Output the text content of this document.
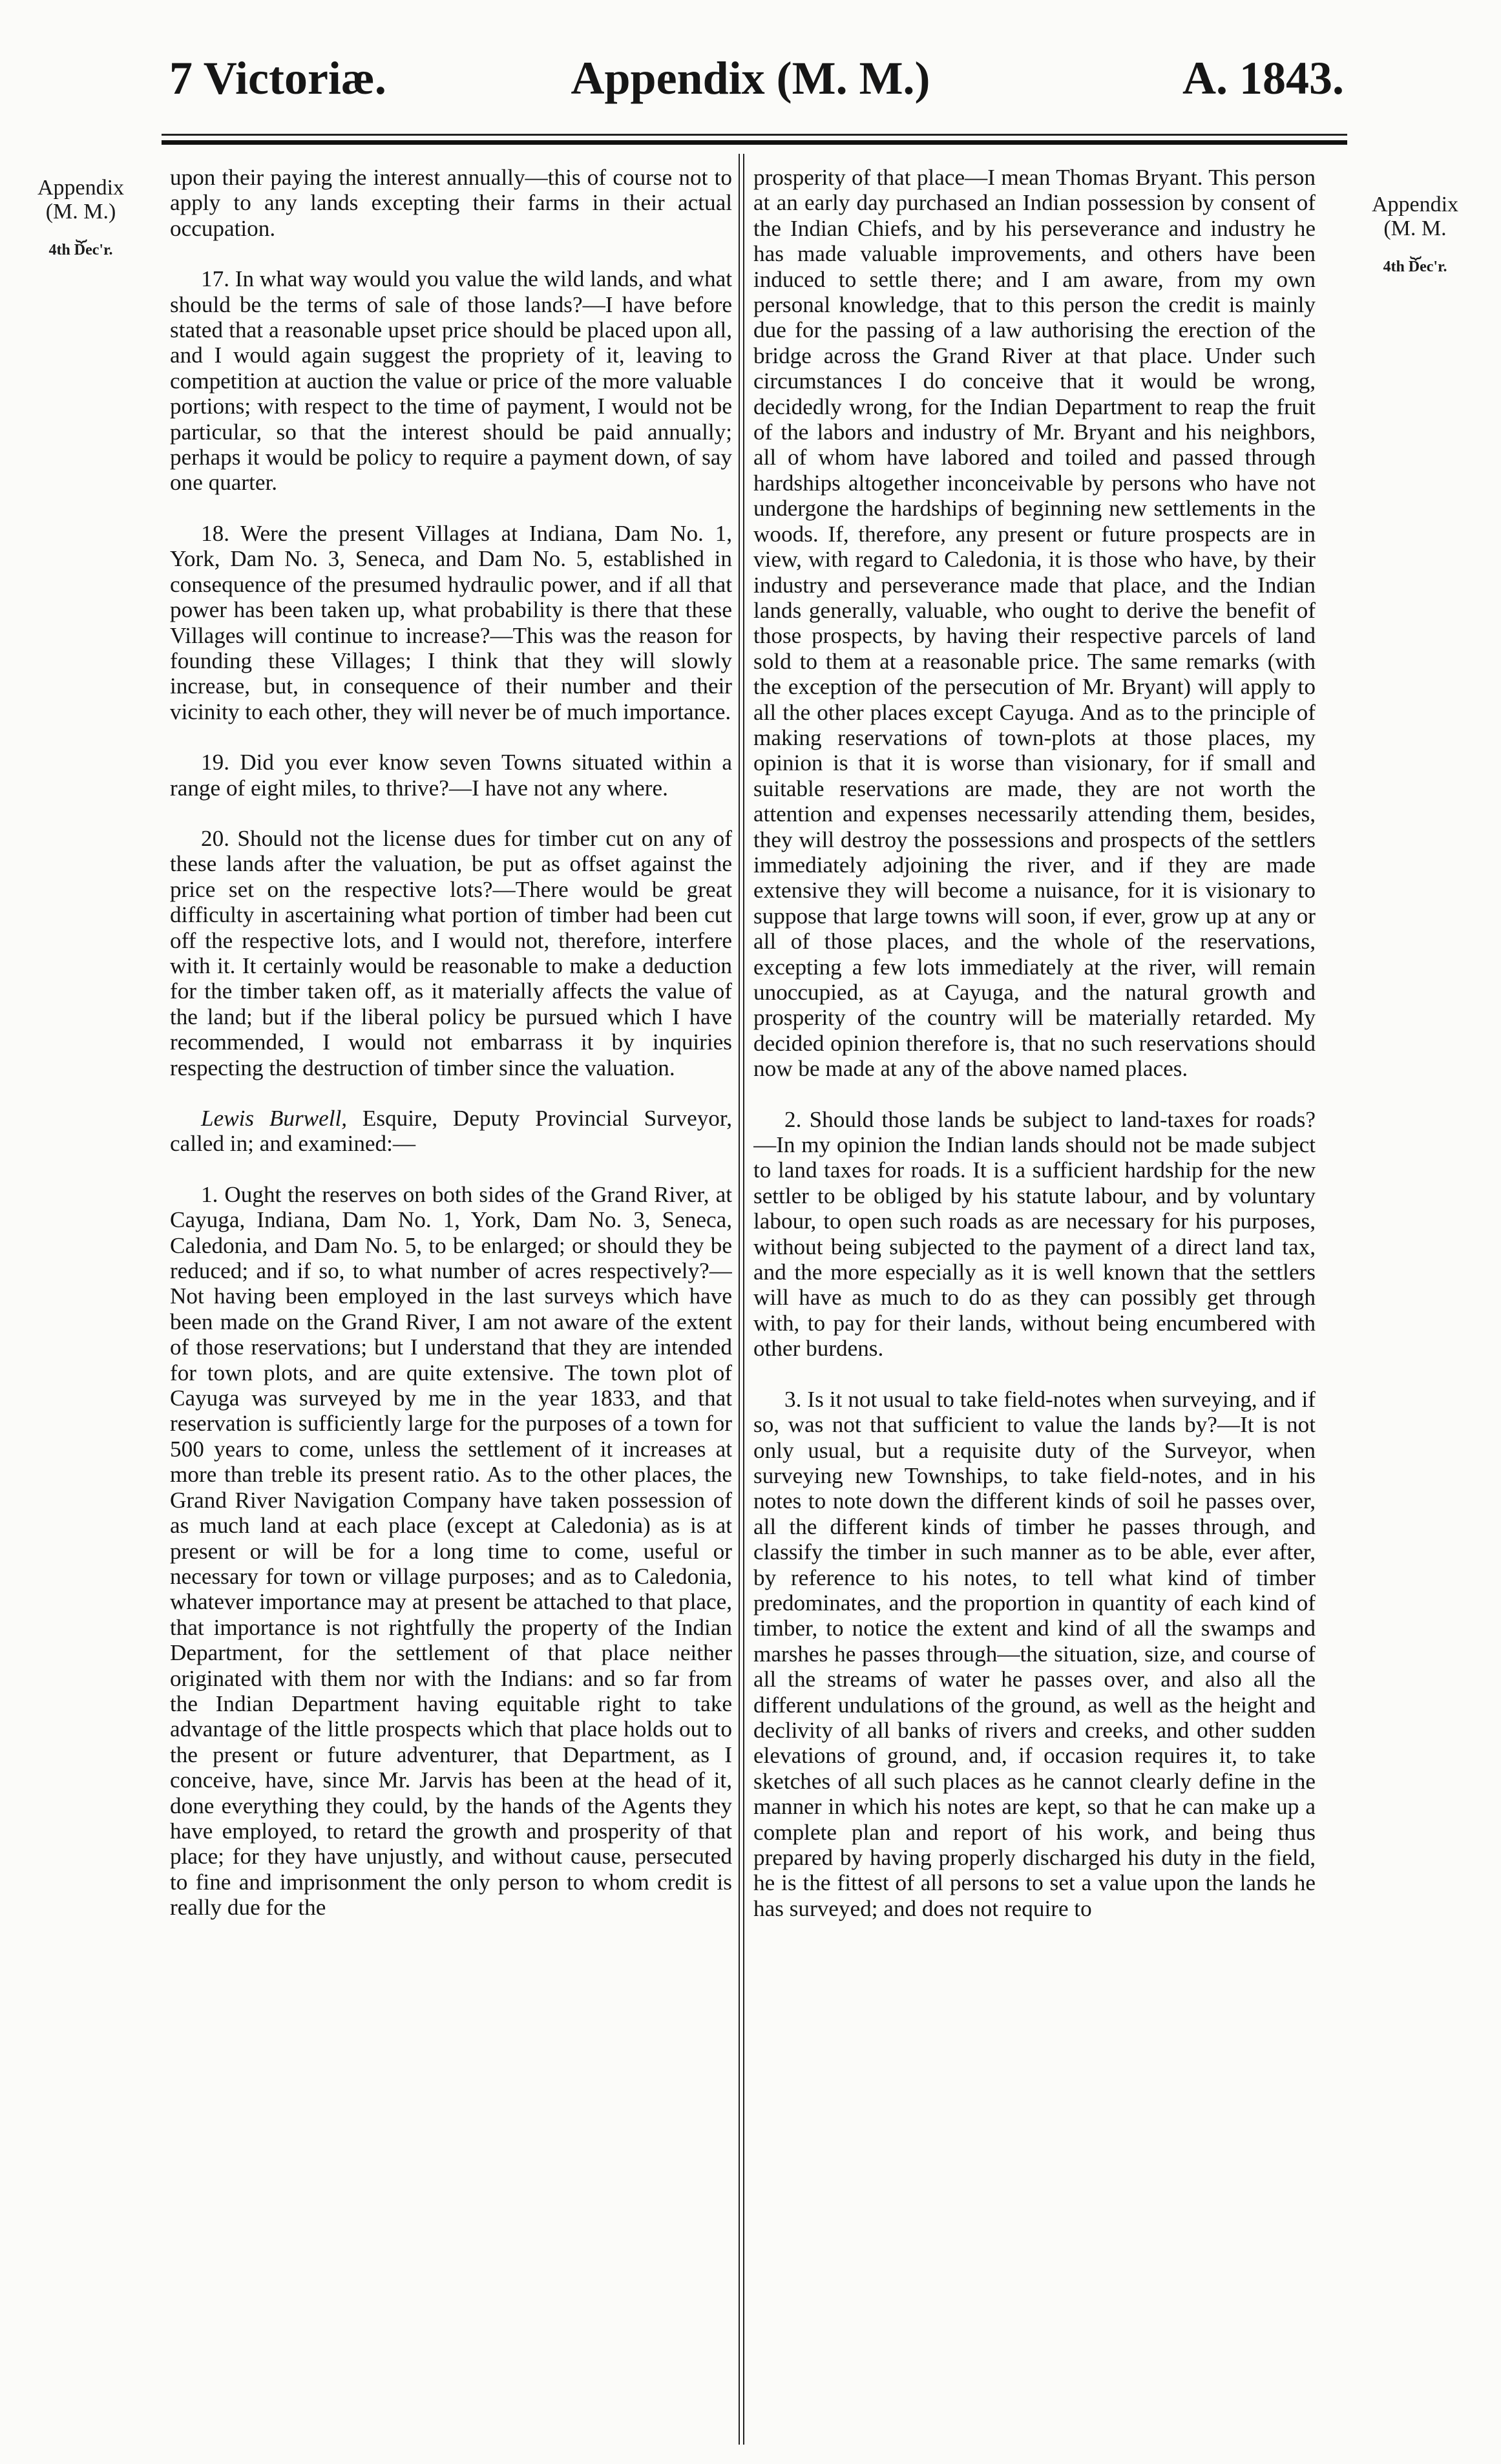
7 Victoriæ.	Appendix (M. M.)	A. 1843.
Appendix
(M. M.)
⏟
4th Dec'r.
Appendix
(M. M.
⏟
4th Dec'r.

upon their paying the interest annually—this of course not to apply to any lands excepting their farms in their actual occupation.

17. In what way would you value the wild lands, and what should be the terms of sale of those lands?—I have before stated that a reasonable upset price should be placed upon all, and I would again suggest the propriety of it, leaving to competition at auction the value or price of the more valuable portions; with respect to the time of payment, I would not be particular, so that the interest should be paid annually; perhaps it would be policy to require a payment down, of say one quarter.

18. Were the present Villages at Indiana, Dam No. 1, York, Dam No. 3, Seneca, and Dam No. 5, established in consequence of the presumed hydraulic power, and if all that power has been taken up, what probability is there that these Villages will continue to increase?—This was the reason for founding these Villages; I think that they will slowly increase, but, in consequence of their number and their vicinity to each other, they will never be of much importance.

19. Did you ever know seven Towns situated within a range of eight miles, to thrive?—I have not any where.

20. Should not the license dues for timber cut on any of these lands after the valuation, be put as offset against the price set on the respective lots?—There would be great difficulty in ascertaining what portion of timber had been cut off the respective lots, and I would not, therefore, interfere with it. It certainly would be reasonable to make a deduction for the timber taken off, as it materially affects the value of the land; but if the liberal policy be pursued which I have recommended, I would not embarrass it by inquiries respecting the destruction of timber since the valuation.

Lewis Burwell, Esquire, Deputy Provincial Surveyor, called in; and examined:—

1. Ought the reserves on both sides of the Grand River, at Cayuga, Indiana, Dam No. 1, York, Dam No. 3, Seneca, Caledonia, and Dam No. 5, to be enlarged; or should they be reduced; and if so, to what number of acres respectively?—Not having been employed in the last surveys which have been made on the Grand River, I am not aware of the extent of those reservations; but I understand that they are intended for town plots, and are quite extensive. The town plot of Cayuga was surveyed by me in the year 1833, and that reservation is sufficiently large for the purposes of a town for 500 years to come, unless the settlement of it increases at more than treble its present ratio. As to the other places, the Grand River Navigation Company have taken possession of as much land at each place (except at Caledonia) as is at present or will be for a long time to come, useful or necessary for town or village purposes; and as to Caledonia, whatever importance may at present be attached to that place, that importance is not rightfully the property of the Indian Department, for the settlement of that place neither originated with them nor with the Indians: and so far from the Indian Department having equitable right to take advantage of the little prospects which that place holds out to the present or future adventurer, that Department, as I conceive, have, since Mr. Jarvis has been at the head of it, done everything they could, by the hands of the Agents they have employed, to retard the growth and prosperity of that place; for they have unjustly, and without cause, persecuted to fine and imprisonment the only person to whom credit is really due for the

prosperity of that place—I mean Thomas Bryant. This person at an early day purchased an Indian possession by consent of the Indian Chiefs, and by his perseverance and industry he has made valuable improvements, and others have been induced to settle there; and I am aware, from my own personal knowledge, that to this person the credit is mainly due for the passing of a law authorising the erection of the bridge across the Grand River at that place. Under such circumstances I do conceive that it would be wrong, decidedly wrong, for the Indian Department to reap the fruit of the labors and industry of Mr. Bryant and his neighbors, all of whom have labored and toiled and passed through hardships altogether inconceivable by persons who have not undergone the hardships of beginning new settlements in the woods. If, therefore, any present or future prospects are in view, with regard to Caledonia, it is those who have, by their industry and perseverance made that place, and the Indian lands generally, valuable, who ought to derive the benefit of those prospects, by having their respective parcels of land sold to them at a reasonable price. The same remarks (with the exception of the persecution of Mr. Bryant) will apply to all the other places except Cayuga. And as to the principle of making reservations of town-plots at those places, my opinion is that it is worse than visionary, for if small and suitable reservations are made, they are not worth the attention and expenses necessarily attending them, besides, they will destroy the possessions and prospects of the settlers immediately adjoining the river, and if they are made extensive they will become a nuisance, for it is visionary to suppose that large towns will soon, if ever, grow up at any or all of those places, and the whole of the reservations, excepting a few lots immediately at the river, will remain unoccupied, as at Cayuga, and the natural growth and prosperity of the country will be materially retarded. My decided opinion therefore is, that no such reservations should now be made at any of the above named places.

2. Should those lands be subject to land-taxes for roads?—In my opinion the Indian lands should not be made subject to land taxes for roads. It is a sufficient hardship for the new settler to be obliged by his statute labour, and by voluntary labour, to open such roads as are necessary for his purposes, without being subjected to the payment of a direct land tax, and the more especially as it is well known that the settlers will have as much to do as they can possibly get through with, to pay for their lands, without being encumbered with other burdens.

3. Is it not usual to take field-notes when surveying, and if so, was not that sufficient to value the lands by?—It is not only usual, but a requisite duty of the Surveyor, when surveying new Townships, to take field-notes, and in his notes to note down the different kinds of soil he passes over, all the different kinds of timber he passes through, and classify the timber in such manner as to be able, ever after, by reference to his notes, to tell what kind of timber predominates, and the proportion in quantity of each kind of timber, to notice the extent and kind of all the swamps and marshes he passes through—the situation, size, and course of all the streams of water he passes over, and also all the different undulations of the ground, as well as the height and declivity of all banks of rivers and creeks, and other sudden elevations of ground, and, if occasion requires it, to take sketches of all such places as he cannot clearly define in the manner in which his notes are kept, so that he can make up a complete plan and report of his work, and being thus prepared by having properly discharged his duty in the field, he is the fittest of all persons to set a value upon the lands he has surveyed; and does not require to
